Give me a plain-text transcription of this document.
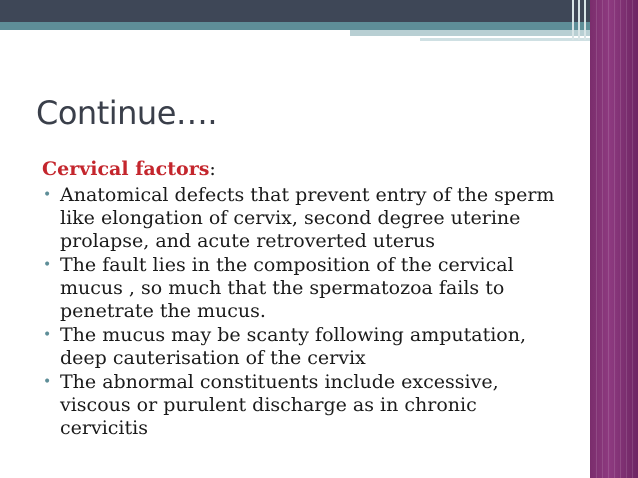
Continue….

Cervical factors:

• Anatomical defects that prevent entry of the sperm like elongation of cervix, second degree uterine prolapse, and acute retroverted uterus
• The fault lies in the composition of the cervical mucus , so much that the spermatozoa fails to penetrate the mucus.
• The mucus may be scanty following amputation, deep cauterisation of the cervix
• The abnormal constituents include excessive, viscous or purulent discharge as in chronic cervicitis
